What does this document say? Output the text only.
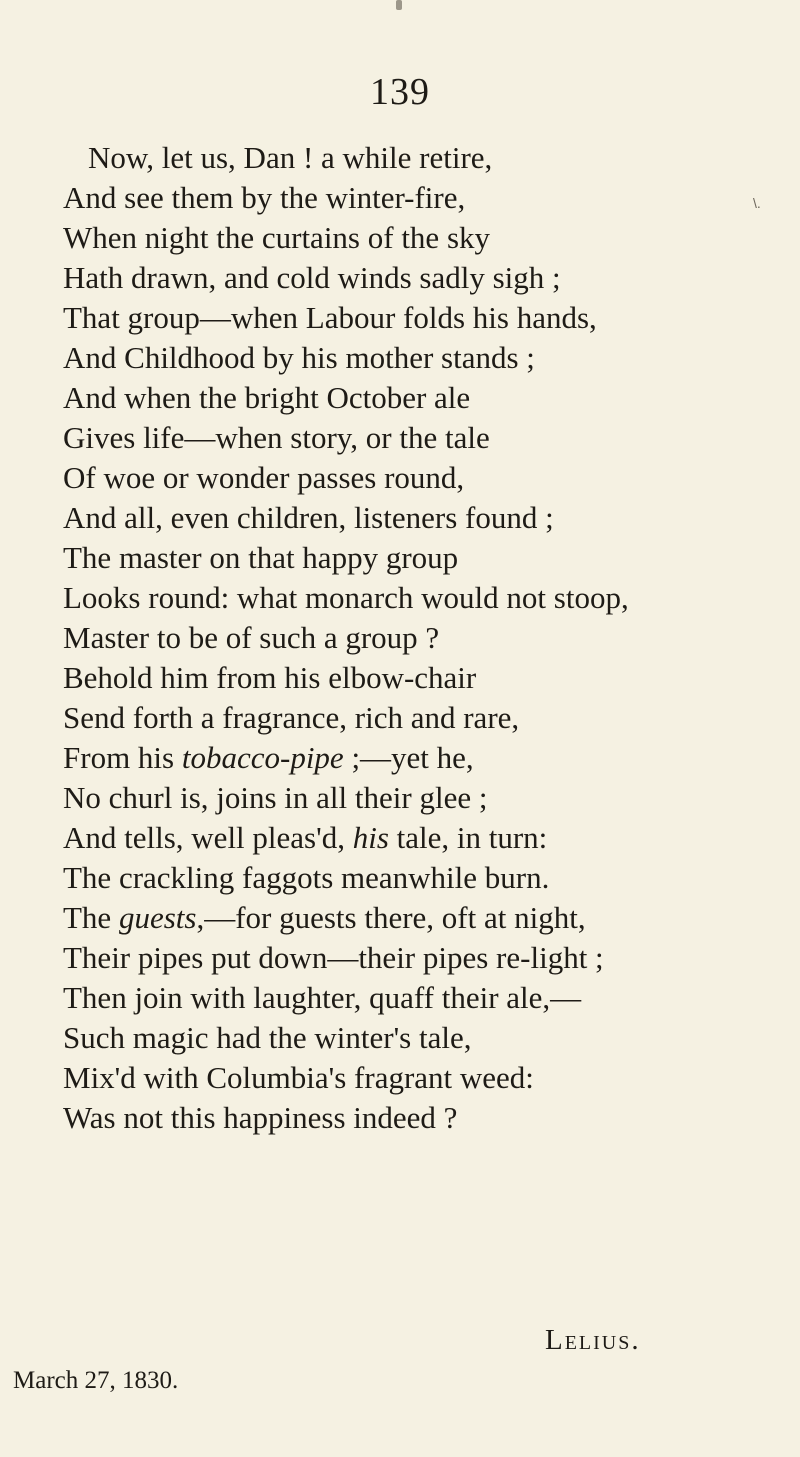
139
\.
Now, let us, Dan ! a while retire,
And see them by the winter-fire,
When night the curtains of the sky
Hath drawn, and cold winds sadly sigh ;
That group—when Labour folds his hands,
And Childhood by his mother stands ;
And when the bright October ale
Gives life—when story, or the tale
Of woe or wonder passes round,
And all, even children, listeners found ;
The master on that happy group
Looks round: what monarch would not stoop,
Master to be of such a group ?
Behold him from his elbow-chair
Send forth a fragrance, rich and rare,
From his tobacco-pipe ;—yet he,
No churl is, joins in all their glee ;
And tells, well pleas'd, his tale, in turn:
The crackling faggots meanwhile burn.
The guests,—for guests there, oft at night,
Their pipes put down—their pipes re-light ;
Then join with laughter, quaff their ale,—
Such magic had the winter's tale,
Mix'd with Columbia's fragrant weed:
Was not this happiness indeed ?
Lelius.
March 27, 1830.
